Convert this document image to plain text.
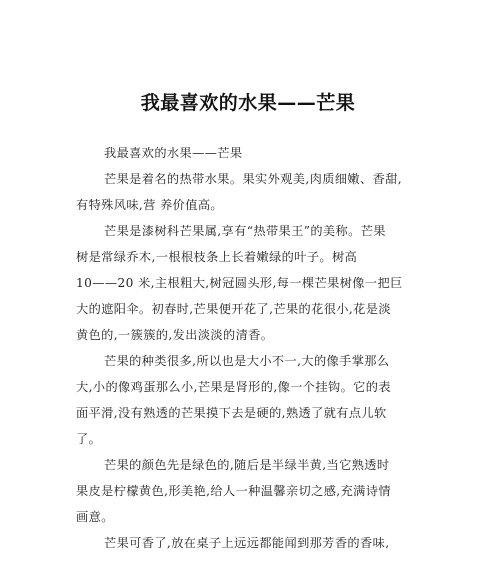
我最喜欢的水果——芒果
我最喜欢的水果——芒果
芒果是着名的热带水果。果实外观美,肉质细嫩、香甜,
有特殊风味,营 养价值高。
芒果是漆树科芒果属,享有“热带果王”的美称。芒果
树是常绿乔木,一根根枝条上长着嫩绿的叶子。树高
10——20 米,主根粗大,树冠圆头形,每一棵芒果树像一把巨
大的遮阳伞。初春时,芒果便开花了,芒果的花很小,花是淡
黄色的,一簇簇的,发出淡淡的清香。
芒果的种类很多,所以也是大小不一,大的像手掌那么
大,小的像鸡蛋那么小,芒果是肾形的,像一个挂钩。它的表
面平滑,没有熟透的芒果摸下去是硬的,熟透了就有点儿软
了。
芒果的颜色先是绿色的,随后是半绿半黄,当它熟透时
果皮是柠檬黄色,形美艳,给人一种温馨亲切之感,充满诗情
画意。
芒果可香了,放在桌子上远远都能闻到那芳香的香味,
